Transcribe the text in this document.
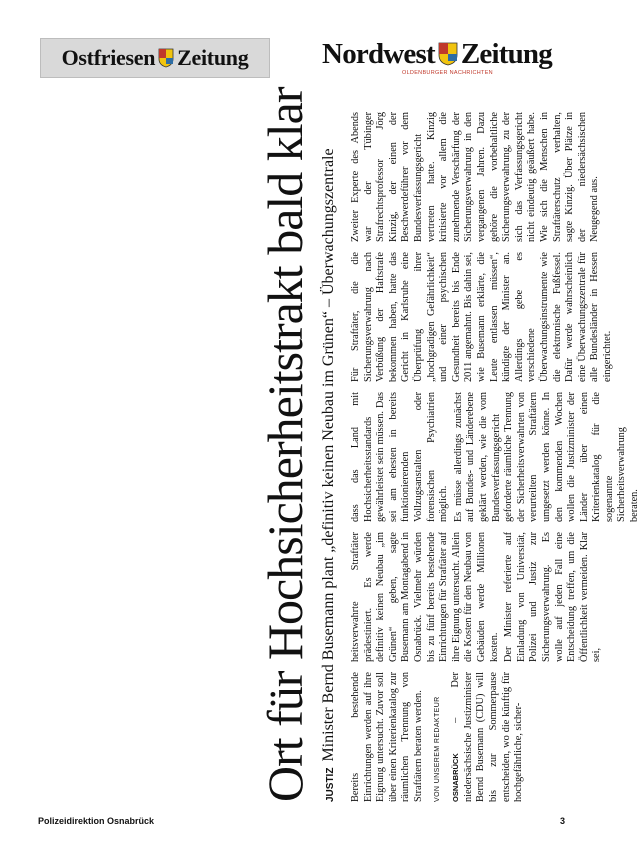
Ostfriesen Zeitung	Nordwest Zeitung
OLDENBURGER NACHRICHTEN
Ort für Hochsicherheitstrakt bald klar	JUSTIZMinister Bernd Busemann plant „definitiv keinen Neubau im Grünen“ – Überwachungszentrale Bereits bestehende Einrichtungen werden auf ihre Eignung untersucht. Zuvor soll über einen Kriterienkatalog zur räumlichen Trennung von Straftätern beraten werden. VON UNSEREM REDAKTEUR	OSNABRÜCK – Der niedersächsische Justizminister Bernd Busemann (CDU) will bis zur Sommerpause entscheiden, wo die künftig für hochgefährliche, sicher-

heitsverwahrte Straftäter prädestiniert. Es werde definitiv keinen Neubau „im Grünen“ geben, sagte Busemann am Montagabend in Osnabrück. Vielmehr würden bis zu fünf bereits bestehende Einrichtungen für Straftäter auf ihre Eignung untersucht. Allein die Kosten für den Neubau von Gebäuden werde Millionen kosten. Der Minister referierte auf Einladung von Universität, Polizei und Justiz zur Sicherungsverwahrung. Es wolle auf jeden Fall eine Entscheidung treffen, um die Öffentlichkeit vermeiden. Klar sei,

dass das Land mit Hochsicherheitsstandards gewährleistet sein müssen. Das sei am ehesten in bereits funktionierenden Vollzugsanstalten oder forensischen Psychiatrien möglich. Es müsse allerdings zunächst auf Bundes- und Länderebene geklärt werden, wie die vom Bundesverfassungsgericht geforderte räumliche Trennung der Sicherheitsverwahrten von verurteilten Straftätern umgesetzt werden könne. In den kommenden Wochen wollen die Justizminister der Länder über einen Kriterienkatalog für die sogenannte Sicherheitsverwahrung beraten.

Für Straftäter, die die Sicherungsverwahrung nach Verbüßung der Haftstrafe bekommen haben, hatte das Gericht in Karlsruhe eine Überprüfung ihrer „hochgradigen Gefährlichkeit“ und einer psychischen Gesundheit bereits bis Ende 2011 angemahnt. Bis dahin sei, wie Busemann erklärte, die Leute entlassen müssen“, kündigte der Minister an. Allerdings gebe es verschiedene Überwachungsinstrumente wie die elektronische Fußfessel. Dafür werde wahrscheinlich eine Überwachungszentrale für alle Bundesländer in Hessen eingerichtet.

Zweiter Experte des Abends war der Tübinger Strafrechtsprofessor Jörg Kinzig, der einen der Beschwerdeführer vor dem Bundesverfassungsgericht vertreten hatte. Kinzig kritisierte vor allem die zunehmende Verschärfung der Sicherungsverwahrung in den vergangenen Jahren. Dazu gehöre die vorbehaltliche Sicherungsverwahrung, zu der sich das Verfassungsgericht nicht eindeutig geäußert habe. Wie sich die Menschen in Straftäterschutz verhalten, sagte Kinzig. Über Plätze in der niedersächsischen Neugegend aus.

Polizeidirektion Osnabrück	3
